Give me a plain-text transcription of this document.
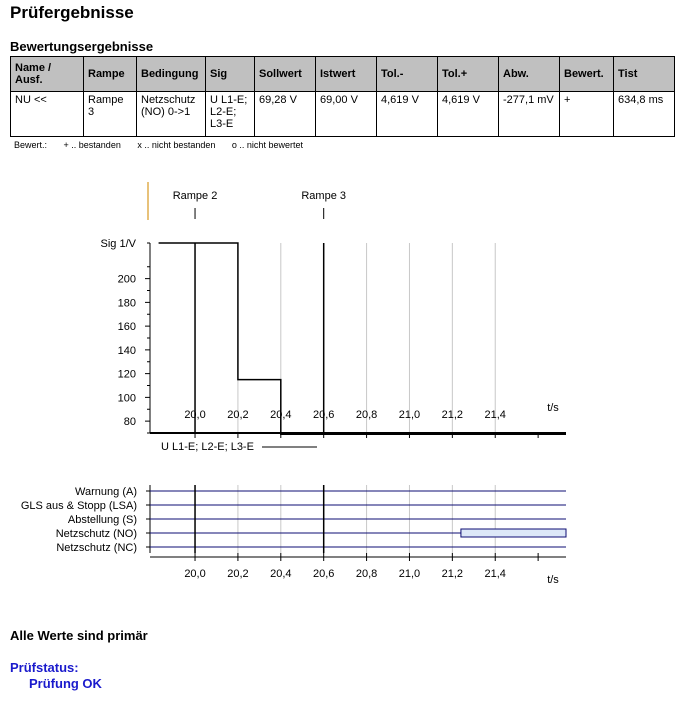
Prüfergebnisse
Bewertungsergebnisse
Name / Ausf.	Rampe	Bedingung	Sig	Sollwert	Istwert	Tol.-	Tol.+	Abw.	Bewert.	Tist
NU <<	Rampe 3	Netzschutz (NO) 0->1	U L1-E; L2-E; L3-E	69,28 V	69,00 V	4,619 V	4,619 V	-277,1 mV	+	634,8 ms
Bewert.: + .. bestanden x .. nicht bestanden o .. nicht bewertet
Rampe 2	Rampe 3
Sig 1/V
80
100
120
140
160
180
200
20,0 20,2 20,4 20,6 20,8 21,0 21,2 21,4
t/s
U L1-E; L2-E; L3-E
Warnung (A)
GLS aus & Stopp (LSA)
Abstellung (S)
Netzschutz (NO)
Netzschutz (NC)
20,0 20,2 20,4 20,6 20,8 21,0 21,2 21,4	t/s
Alle Werte sind primär
Prüfstatus:
Prüfung OK
